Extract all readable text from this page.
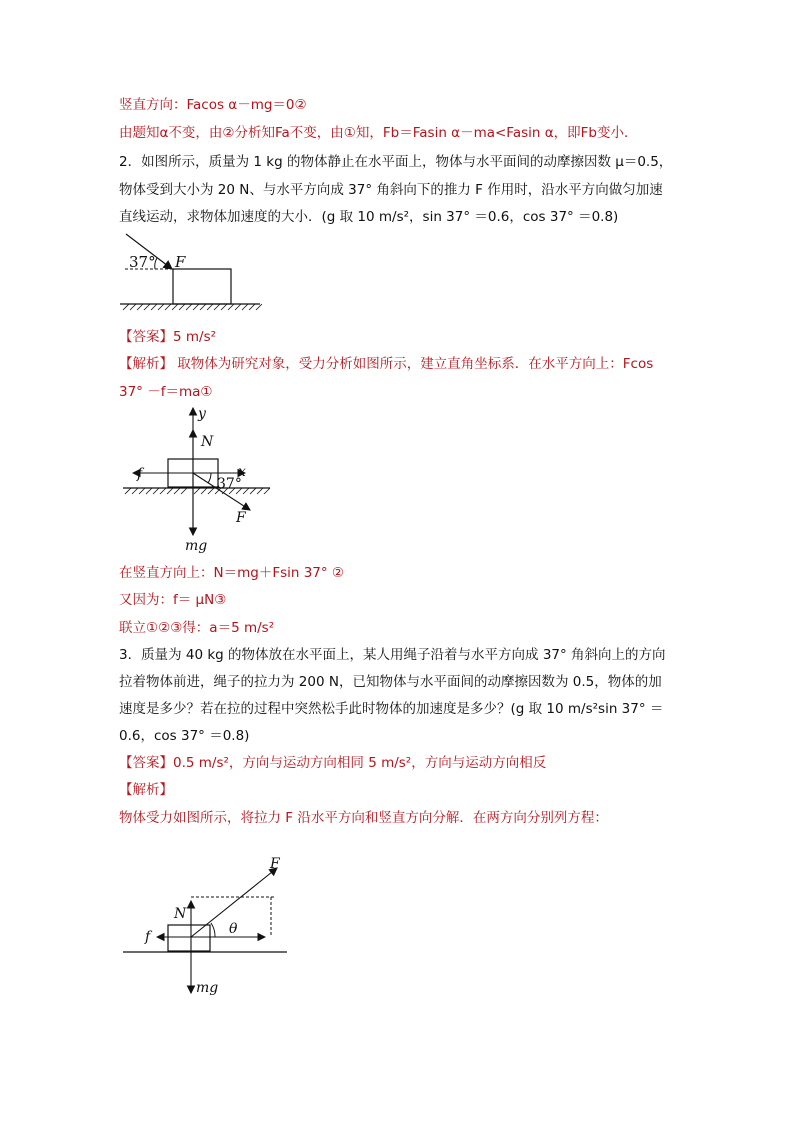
竖直方向：Facos α－mg＝0②
由题知α不变，由②分析知Fa不变，由①知，Fb＝Fasin α－ma<Fasin α，即Fb变小．
2．如图所示，质量为 1 kg 的物体静止在水平面上，物体与水平面间的动摩擦因数 μ＝0.5，
物体受到大小为 20 N、与水平方向成 37° 角斜向下的推力 F 作用时，沿水平方向做匀加速
直线运动，求物体加速度的大小．(g 取 10 m/s²，sin 37° ＝0.6，cos 37° ＝0.8)
37° F
【答案】5 m/s²
【解析】 取物体为研究对象，受力分析如图所示，建立直角坐标系．在水平方向上：Fcos
37° －f＝ma①
y
N
f	x
37°
F
mg
在竖直方向上：N＝mg＋Fsin 37° ②
又因为：f＝ μN③
联立①②③得：a＝5 m/s²
3．质量为 40 kg 的物体放在水平面上，某人用绳子沿着与水平方向成 37° 角斜向上的方向
拉着物体前进，绳子的拉力为 200 N，已知物体与水平面间的动摩擦因数为 0.5，物体的加
速度是多少？若在拉的过程中突然松手此时物体的加速度是多少？(g 取 10 m/s²sin 37° ＝
0.6，cos 37° ＝0.8)
【答案】0.5 m/s²，方向与运动方向相同 5 m/s²，方向与运动方向相反
【解析】
物体受力如图所示，将拉力 F 沿水平方向和竖直方向分解．在两方向分别列方程：
N
F
f	θ
mg
